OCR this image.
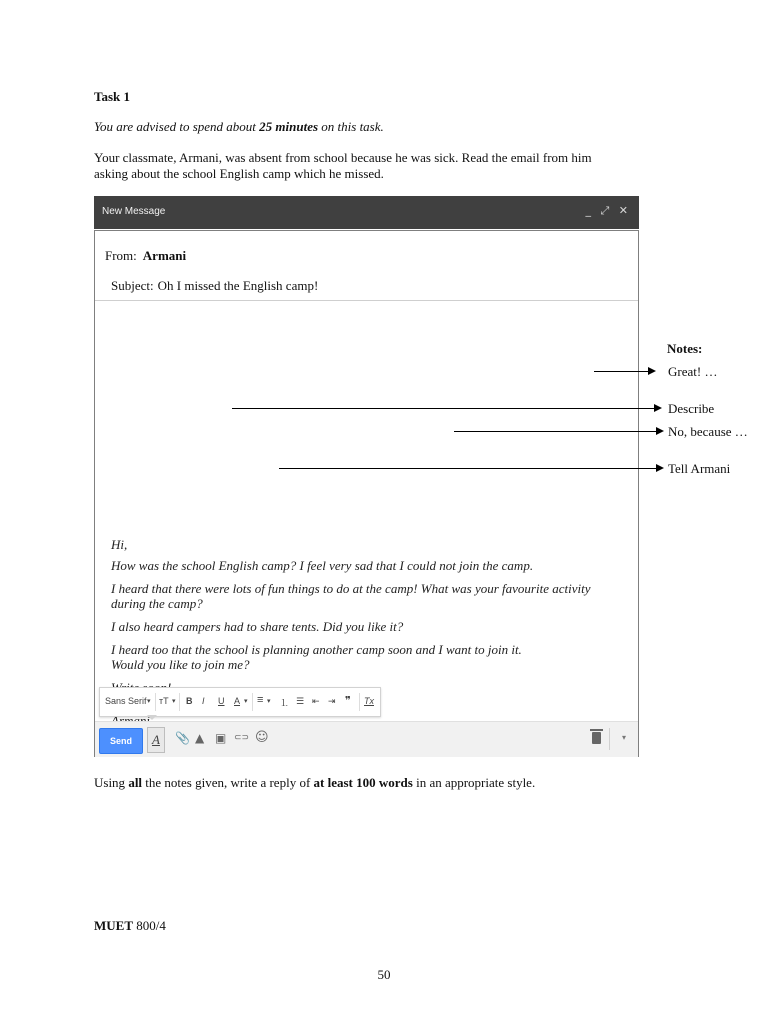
Task 1
You are advised to spend about 25 minutes on this task.
Your classmate, Armani, was absent from school because he was sick. Read the email from him
asking about the school English camp which he missed.
New Message	_ ⤢ ✕
From: Armani
Subject: Oh I missed the English camp!
Hi,
How was the school English camp? I feel very sad that I could not join the camp.
I heard that there were lots of fun things to do at the camp! What was your favourite activity
during the camp?
I also heard campers had to share tents. Did you like it?
I heard too that the school is planning another camp soon and I want to join it.
Would you like to join me?
Sans Serif ▾ тT ▾ B I U A ▾ ≡ ▾ ⒈ ☰ ⇤ ⇥ ❞ Tx
Send	A	📎 ▲ ▣ ⊂⊃ ☺	▾
Notes:
Great! …
Describe
No, because …
Tell Armani
Using all the notes given, write a reply of at least 100 words in an appropriate style.
MUET 800/4
50
